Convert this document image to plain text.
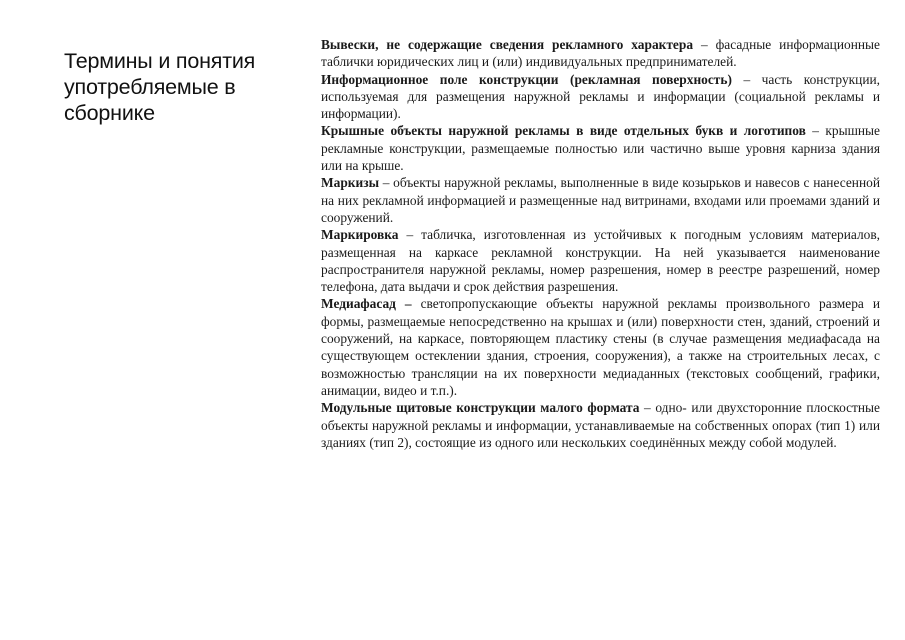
Термины и понятия употребляемые в сборнике

Вывески, не содержащие сведения рекламного характера – фасадные информационные таблички юридических лиц и (или) индивидуальных предпринимателей.

Информационное поле конструкции (рекламная поверхность) – часть конструкции, используемая для размещения наружной рекламы и информации (социальной рекламы и информации).

Крышные объекты наружной рекламы в виде отдельных букв и логотипов – крышные рекламные конструкции, размещаемые полностью или частично выше уровня карниза здания или на крыше.

Маркизы – объекты наружной рекламы, выполненные в виде козырьков и навесов с нанесенной на них рекламной информацией и размещенные над витринами, входами или проемами зданий и сооружений.

Маркировка – табличка, изготовленная из устойчивых к погодным условиям материалов, размещенная на каркасе рекламной конструкции. На ней указывается наименование распространителя наружной рекламы, номер разрешения, номер в реестре разрешений, номер телефона, дата выдачи и срок действия разрешения.

Медиафасад – светопропускающие объекты наружной рекламы произвольного размера и формы, размещаемые непосредственно на крышах и (или) поверхности стен, зданий, строений и сооружений, на каркасе, повторяющем пластику стены (в случае размещения медиафасада на существующем остеклении здания, строения, сооружения), а также на строительных лесах, с возможностью трансляции на их поверхности медиаданных (текстовых сообщений, графики, анимации, видео и т.п.).

Модульные щитовые конструкции малого формата – одно- или двухсторонние плоскостные объекты наружной рекламы и информации, устанавливаемые на собственных опорах (тип 1) или зданиях (тип 2), состоящие из одного или нескольких соединённых между собой модулей.
